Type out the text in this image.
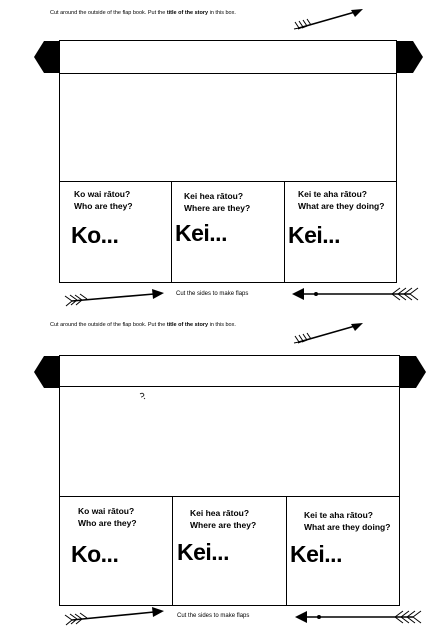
Cut around the outside of the flap book. Put the title of the story in this box.
Ko wai rātou?
Who are they?
Ko...
Kei hea rātou?
Where are they?
Kei...
Kei te aha rātou?
What are they doing?
Kei...
Cut the sides to make flaps
Cut around the outside of the flap book. Put the title of the story in this box.
Ko wai rātou?
Who are they?
Ko...
Kei hea rātou?
Where are they?
Kei...
Kei te aha rātou?
What are they doing?
Kei...
Cut the sides to make flaps
